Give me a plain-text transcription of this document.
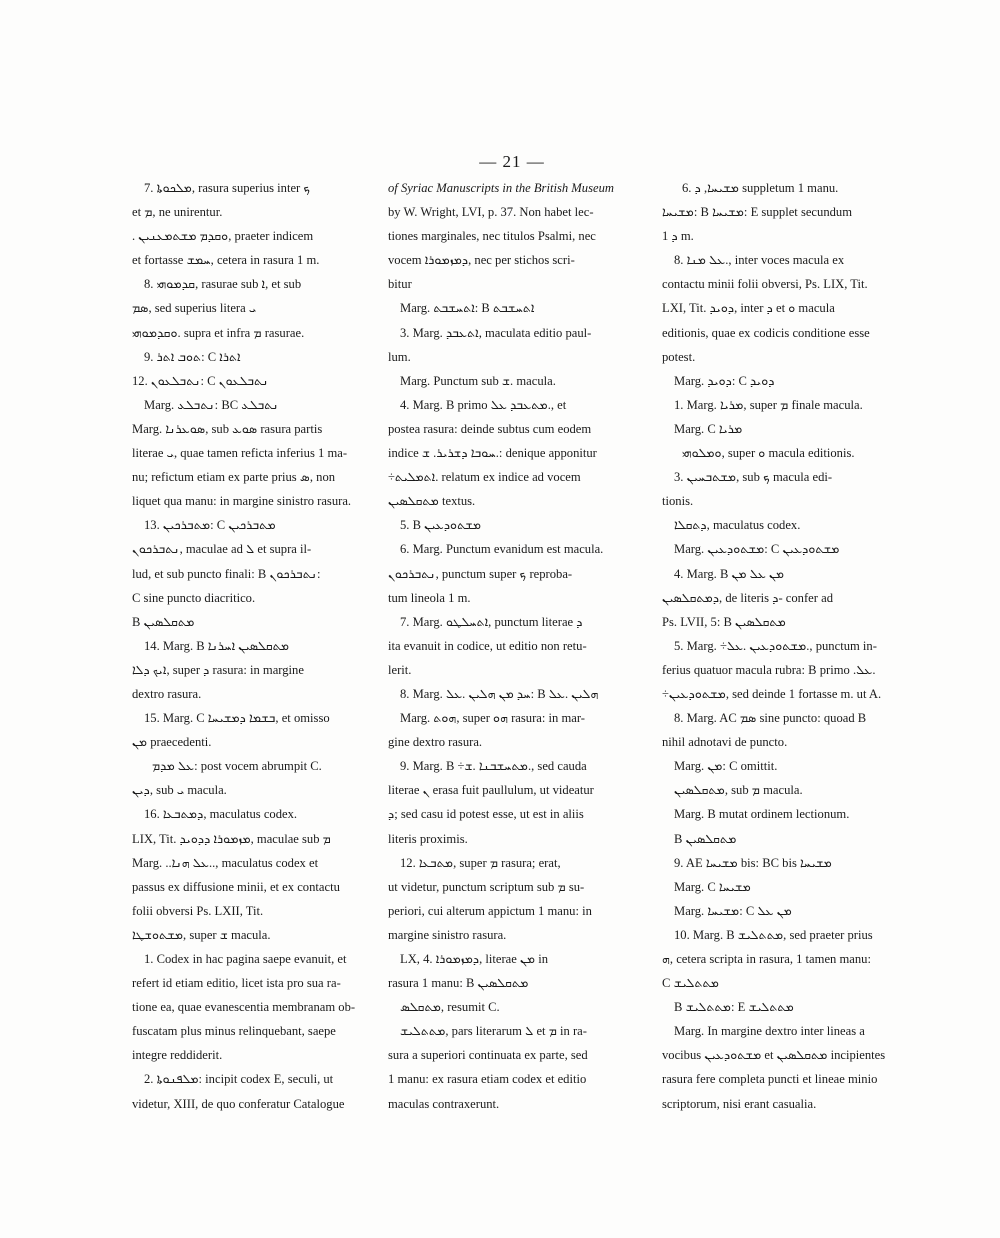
— 21 —
7. ܡܠܟܘܬܐ, rasura superius inter ܟ
et ܡ, ne unirentur.
. ܘܩܕܡ ܡܫܬܡܥܢܝܢ, praeter indicem
et fortasse ܚܡܫ, cetera in rasura 1 m.
8. ܩܕܡܘܗܝ, rasurae sub ܐ, et sub
ܣܡ, sed superius litera ܝ
ܘܩܕܡܘܗܝ. supra et infra ܡ rasurae.
9. ܬܘܒ ܐܬܪ: C ܐܬܪܐ
12. ܢܬܒܠܥܘܢ: C ܢܬܒܠܥܘܢ
Marg. ܢܬܒܠܥ: BC ܢܬܒܠܥ
Marg. ܣܘܥܪܢܐ, sub ܣܘܥ rasura partis
literae ܝ, quae tamen reficta inferius 1 ma-
nu; refictum etiam ex parte prius ܣ, non
liquet qua manu: in margine sinistro rasura.
13. ܡܬܒܪܟܝܢ: C ܡܬܒܪܟܝܢ
ܢܬܒܪܟܘܢ, maculae ad ܠ et supra il-
lud, et sub puncto finali: B ܢܬܒܪܟܘܢ:
C sine puncto diacritico.
B ܡܬܩܠܣܝܢ
14. Marg. B ܡܬܩܠܣܝܢ ܐܚܪܢܐ
ܐܝܟ ܕܠܐ, super ܕ rasura: in margine
dextro rasura.
15. Marg. C ܒܫܡܐ ܕܡܫܝܚܐ, et omisso
ܡܢ praecedenti.
ܥܠ ܡܕܡ: post vocem abrumpit C.
ܕܝܢ, sub ܝ macula.
16. ܕܡܬܒܥܐ, maculatus codex.
LIX, Tit. ܡܙܡܘܪܐ ܕܕܘܝܕ, maculae sub ܡ
Marg. ..ܥܠ ܗܢܐ.., maculatus codex et
passus ex diffusione minii, et ex contactu
folii obversi Ps. LXII, Tit.
ܡܫܬܘܫܛܐ, super ܫ macula.
1. Codex in hac pagina saepe evanuit, et
refert id etiam editio, licet ista pro sua ra-
tione ea, quae evanescentia membranam ob-
fuscatam plus minus relinquebant, saepe
integre reddiderit.
2. ܡܠܦܢܘܬܐ: incipit codex E, seculi, ut
videtur, XIII, de quo conferatur Catalogue
of Syriac Manuscripts in the British Museum
by W. Wright, LVI, p. 37. Non habet lec-
tiones marginales, nec titulos Psalmi, nec
vocem ܕܡܙܡܘܪܐ, nec per stichos scri-
bitur
Marg. ܐܬܚܫܒܬ: B ܐܬܚܫܒܬ
3. Marg. ܐܬܥܒܕ, maculata editio paul-
lum.
Marg. Punctum sub ܫ. macula.
4. Marg. B primo ܡܬܥܒܕ ܥܠ., et
postea rasura: deinde subtus cum eodem
indice ܚܘܒܐ ܕܫܪܝܪ. ܫ.: denique apponitur
÷ܐܬܡܠܝܬ. relatum ex indice ad vocem
ܡܬܩܠܣܝܢ textus.
5. B ܡܫܬܘܕܥܝܢ
6. Marg. Punctum evanidum est macula.
ܢܬܒܪܟܘܢ, punctum super ܟ reproba-
tum lineola 1 m.
7. Marg. ܐܬܚܠܛܘ, punctum literae ܕ
ita evanuit in codice, ut editio non retu-
lerit.
8. Marg. ܚܕ ܡܢ ܗܠܝܢ .ܥܠ: B ܗܠܝܢ .ܥܠ
Marg. ܗܘܬ, super ܗܘ rasura: in mar-
gine dextro rasura.
9. Marg. B ÷ܡܬܚܫܒܢܐ .ܫ., sed cauda
literae ܢ erasa fuit paullulum, ut videatur
ܕ; sed casu id potest esse, ut est in aliis
literis proximis.
12. ܡܬܒܥܐ, super ܡ rasura; erat,
ut videtur, punctum scriptum sub ܡ su-
periori, cui alterum appictum 1 manu: in
margine sinistro rasura.
LX, 4. ܕܡܙܡܘܪܐ, literae ܡܢ in
rasura 1 manu: B ܡܬܩܠܣܝܢ
ܡܬܩܠܣ, resumit C.
ܡܬܬܠܝܫ, pars literarum ܠ et ܡ in ra-
sura a superiori continuata ex parte, sed
1 manu: ex rasura etiam codex et editio
maculas contraxerunt.
6. ܡܫܝܚܐ, ܕ suppletum 1 manu.
ܡܫܝܚܐ: B ܡܫܝܚܐ: E supplet secundum
ܕ 1 m.
8. ܥܠ ܡܢܐ., inter voces macula ex
contactu minii folii obversi, Ps. LIX, Tit.
LXI, Tit. ܕܘܝܕ, inter ܕ et ܘ macula
editionis, quae ex codicis conditione esse
potest.
Marg. ܕܘܝܕ: C ܕܘܝܕ
1. Marg. ܡܪܝܐ, super ܡ finale macula.
Marg. C ܡܪܝܐ
ܘܡܠܘܗܝ, super ܘ macula editionis.
3. ܡܫܬܒܚܝܢ, sub ܟ macula edi-
tionis.
ܕܬܩܠܐ, maculatus codex.
Marg. ܡܫܬܘܕܥܝܢ: C ܡܫܬܘܕܥܝܢ
4. Marg. B ܡܢ ܥܠ ܡܢ
ܕܡܬܩܠܣܝܢ, de literis ܕ- confer ad
Ps. LVII, 5: B ܡܬܩܠܣܝܢ
5. Marg. ÷ܡܫܬܘܕܥܝܢ .ܥܠ., punctum in-
ferius quatuor macula rubra: B primo .ܥܠ.
÷ܡܫܬܘܕܥܝܢ, sed deinde 1 fortasse m. ut A.
8. Marg. AC ܣܡ sine puncto: quoad B
nihil adnotavi de puncto.
Marg. ܡܢ: C omittit.
ܡܬܩܠܣܝܢ, sub ܡ macula.
Marg. B mutat ordinem lectionum.
B ܡܬܩܠܣܝܢ
9. AE ܡܫܝܚܐ bis: BC bis ܡܫܝܚܐ
Marg. C ܡܫܝܚܐ
Marg. ܡܫܝܚܐ: C ܡܢ ܥܠ
10. Marg. B ܡܬܬܠܝܫ, sed praeter prius
ܗ, cetera scripta in rasura, 1 tamen manu:
C ܡܬܬܠܝܫ
B ܡܬܬܠܝܫ: E ܡܬܬܠܝܫ
Marg. In margine dextro inter lineas a
vocibus ܡܫܬܘܕܥܝܢ et ܡܬܩܠܣܝܢ incipientes
rasura fere completa puncti et lineae minio
scriptorum, nisi erant casualia.
